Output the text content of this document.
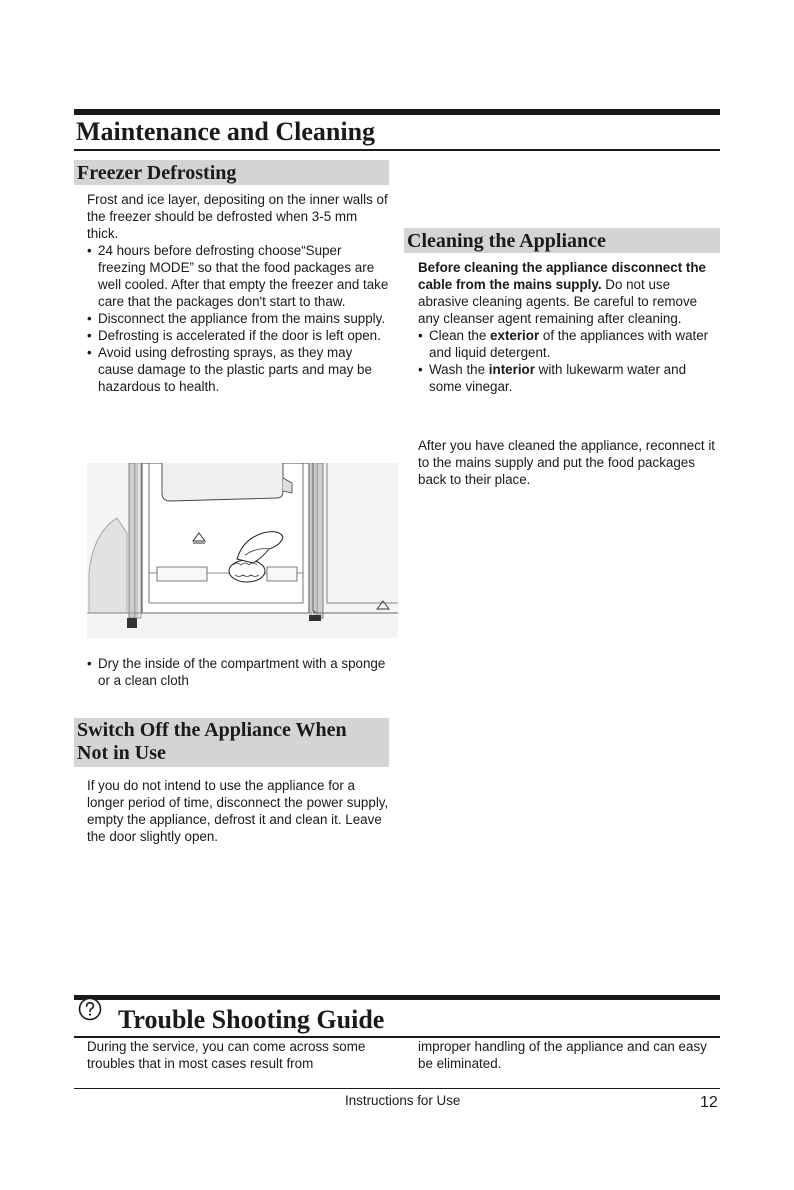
Maintenance and Cleaning
Freezer Defrosting

Frost and ice layer, depositing on the inner walls of the freezer should be defrosted when 3-5 mm thick.

• 24 hours before defrosting choose“Super freezing MODE” so that the food packages are well cooled. After that empty the freezer and take care that the packages don't start to thaw.
• Disconnect the appliance from the mains supply.
• Defrosting is accelerated if the door is left open.
• Avoid using defrosting sprays, as they may cause damage to the plastic parts and may be hazardous to health.
• Dry the inside of the compartment with a sponge or a clean cloth
Switch Off the Appliance When
Not in Use

If you do not intend to use the appliance for a longer period of time, disconnect the power supply, empty the appliance, defrost it and clean it. Leave the door slightly open.

Cleaning the Appliance

Before cleaning the appliance disconnect the cable from the mains supply. Do not use abrasive cleaning agents. Be careful to remove any cleanser agent remaining after cleaning.

• Clean the exterior of the appliances with water and liquid detergent.
• Wash the interior with lukewarm water and some vinegar.

After you have cleaned the appliance, reconnect it to the mains supply and put the food packages back to their place.

Trouble Shooting Guide

During the service, you can come across some troubles that in most cases result from

improper handling of the appliance and can easy be eliminated.

Instructions for Use	12
